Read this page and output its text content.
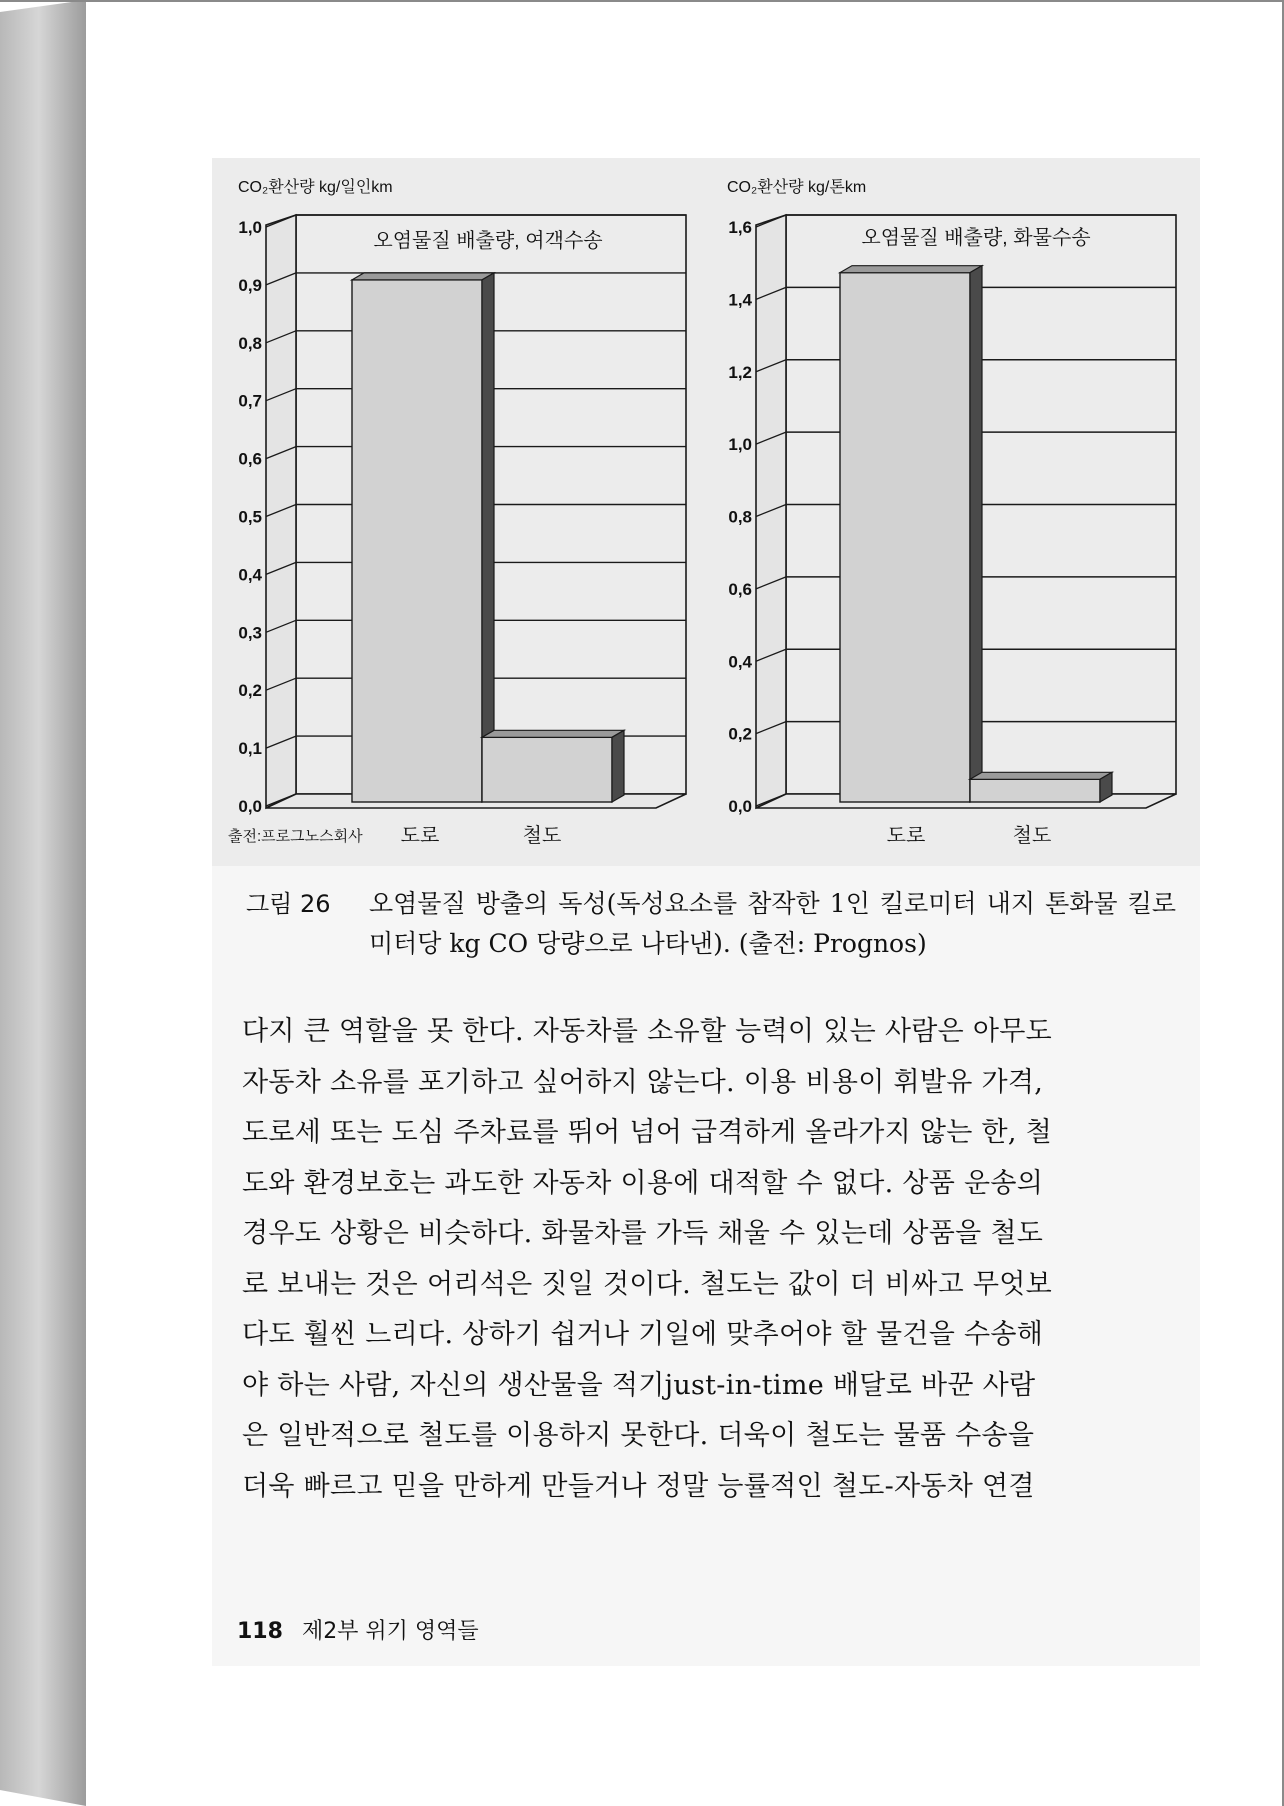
0,0
0,1
0,2
0,3
0,4
0,5
0,6
0,7
0,8
0,9
1,0
도로	철도
오염물질 배출량, 여객수송
CO₂환산량 kg/일인km
출전:프로그노스회사
0,0
0,2
0,4
0,6
0,8
1,0
1,2
1,4
1,6
도로	철도
오염물질 배출량, 화물수송
CO₂환산량 kg/톤km
그림 26	오염물질 방출의 독성(독성요소를 참작한 1인 킬로미터 내지 톤화물 킬로미터당 kg CO 당량으로 나타낸). (출전: Prognos)
다지 큰 역할을 못 한다. 자동차를 소유할 능력이 있는 사람은 아무도
자동차 소유를 포기하고 싶어하지 않는다. 이용 비용이 휘발유 가격,
도로세 또는 도심 주차료를 뛰어 넘어 급격하게 올라가지 않는 한, 철
도와 환경보호는 과도한 자동차 이용에 대적할 수 없다. 상품 운송의
경우도 상황은 비슷하다. 화물차를 가득 채울 수 있는데 상품을 철도
로 보내는 것은 어리석은 짓일 것이다. 철도는 값이 더 비싸고 무엇보
다도 훨씬 느리다. 상하기 쉽거나 기일에 맞추어야 할 물건을 수송해
야 하는 사람, 자신의 생산물을 적기just-in-time 배달로 바꾼 사람
은 일반적으로 철도를 이용하지 못한다. 더욱이 철도는 물품 수송을
더욱 빠르고 믿을 만하게 만들거나 정말 능률적인 철도-자동차 연결
118 제2부 위기 영역들
